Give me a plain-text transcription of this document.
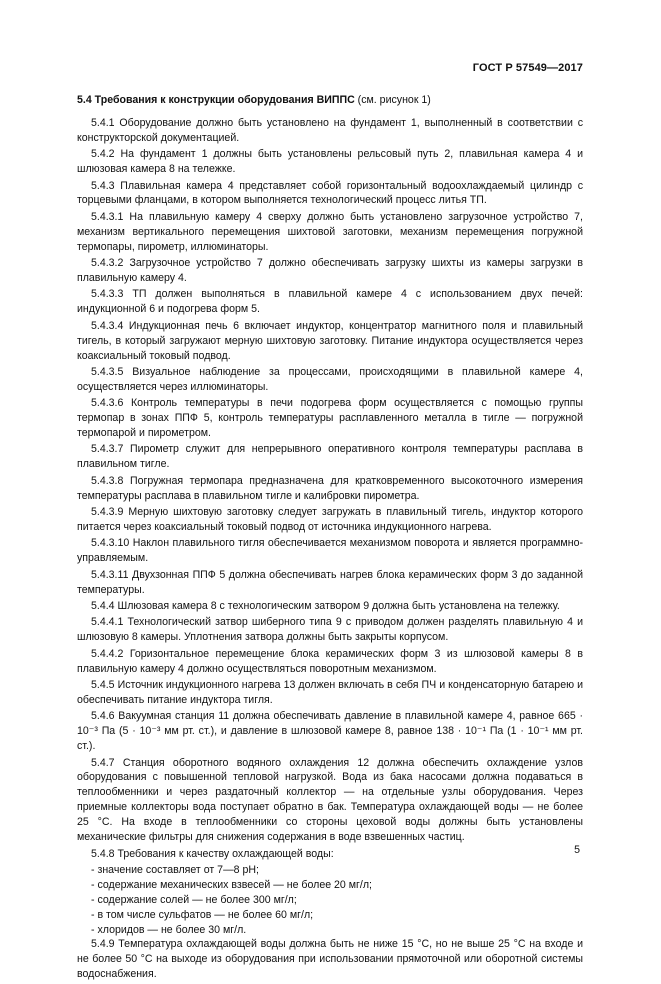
ГОСТ Р 57549—2017
5.4 Требования к конструкции оборудования ВИППС (см. рисунок 1)

5.4.1 Оборудование должно быть установлено на фундамент 1, выполненный в соответствии с конструкторской документацией.

5.4.2 На фундамент 1 должны быть установлены рельсовый путь 2, плавильная камера 4 и шлюзовая камера 8 на тележке.

5.4.3 Плавильная камера 4 представляет собой горизонтальный водоохлаждаемый цилиндр с торцевыми фланцами, в котором выполняется технологический процесс литья ТП.

5.4.3.1 На плавильную камеру 4 сверху должно быть установлено загрузочное устройство 7, механизм вертикального перемещения шихтовой заготовки, механизм перемещения погружной термопары, пирометр, иллюминаторы.

5.4.3.2 Загрузочное устройство 7 должно обеспечивать загрузку шихты из камеры загрузки в плавильную камеру 4.

5.4.3.3 ТП должен выполняться в плавильной камере 4 с использованием двух печей: индукционной 6 и подогрева форм 5.

5.4.3.4 Индукционная печь 6 включает индуктор, концентратор магнитного поля и плавильный тигель, в который загружают мерную шихтовую заготовку. Питание индуктора осуществляется через коаксиальный токовый подвод.

5.4.3.5 Визуальное наблюдение за процессами, происходящими в плавильной камере 4, осуществляется через иллюминаторы.

5.4.3.6 Контроль температуры в печи подогрева форм осуществляется с помощью группы термопар в зонах ППФ 5, контроль температуры расплавленного металла в тигле — погружной термопарой и пирометром.

5.4.3.7 Пирометр служит для непрерывного оперативного контроля температуры расплава в плавильном тигле.

5.4.3.8 Погружная термопара предназначена для кратковременного высокоточного измерения температуры расплава в плавильном тигле и калибровки пирометра.

5.4.3.9 Мерную шихтовую заготовку следует загружать в плавильный тигель, индуктор которого питается через коаксиальный токовый подвод от источника индукционного нагрева.

5.4.3.10 Наклон плавильного тигля обеспечивается механизмом поворота и является программно-управляемым.

5.4.3.11 Двухзонная ППФ 5 должна обеспечивать нагрев блока керамических форм 3 до заданной температуры.

5.4.4 Шлюзовая камера 8 с технологическим затвором 9 должна быть установлена на тележку.

5.4.4.1 Технологический затвор шиберного типа 9 с приводом должен разделять плавильную 4 и шлюзовую 8 камеры. Уплотнения затвора должны быть закрыты корпусом.

5.4.4.2 Горизонтальное перемещение блока керамических форм 3 из шлюзовой камеры 8 в плавильную камеру 4 должно осуществляться поворотным механизмом.

5.4.5 Источник индукционного нагрева 13 должен включать в себя ПЧ и конденсаторную батарею и обеспечивать питание индуктора тигля.

5.4.6 Вакуумная станция 11 должна обеспечивать давление в плавильной камере 4, равное 665 · 10⁻³ Па (5 · 10⁻³ мм рт. ст.), и давление в шлюзовой камере 8, равное 138 · 10⁻¹ Па (1 · 10⁻¹ мм рт. ст.).

5.4.7 Станция оборотного водяного охлаждения 12 должна обеспечить охлаждение узлов оборудования с повышенной тепловой нагрузкой. Вода из бака насосами должна подаваться в теплообменники и через раздаточный коллектор — на отдельные узлы оборудования. Через приемные коллекторы вода поступает обратно в бак. Температура охлаждающей воды — не более 25 °С. На входе в теплообменники со стороны цеховой воды должны быть установлены механические фильтры для снижения содержания в воде взвешенных частиц.

5.4.8 Требования к качеству охлаждающей воды:

- значение составляет от 7—8 pH;

- содержание механических взвесей — не более 20 мг/л;

- содержание солей — не более 300 мг/л;

- в том числе сульфатов — не более 60 мг/л;

- хлоридов — не более 30 мг/л.

5.4.9 Температура охлаждающей воды должна быть не ниже 15 °С, но не выше 25 °С на входе и не более 50 °С на выходе из оборудования при использовании прямоточной или оборотной системы водоснабжения.

5
